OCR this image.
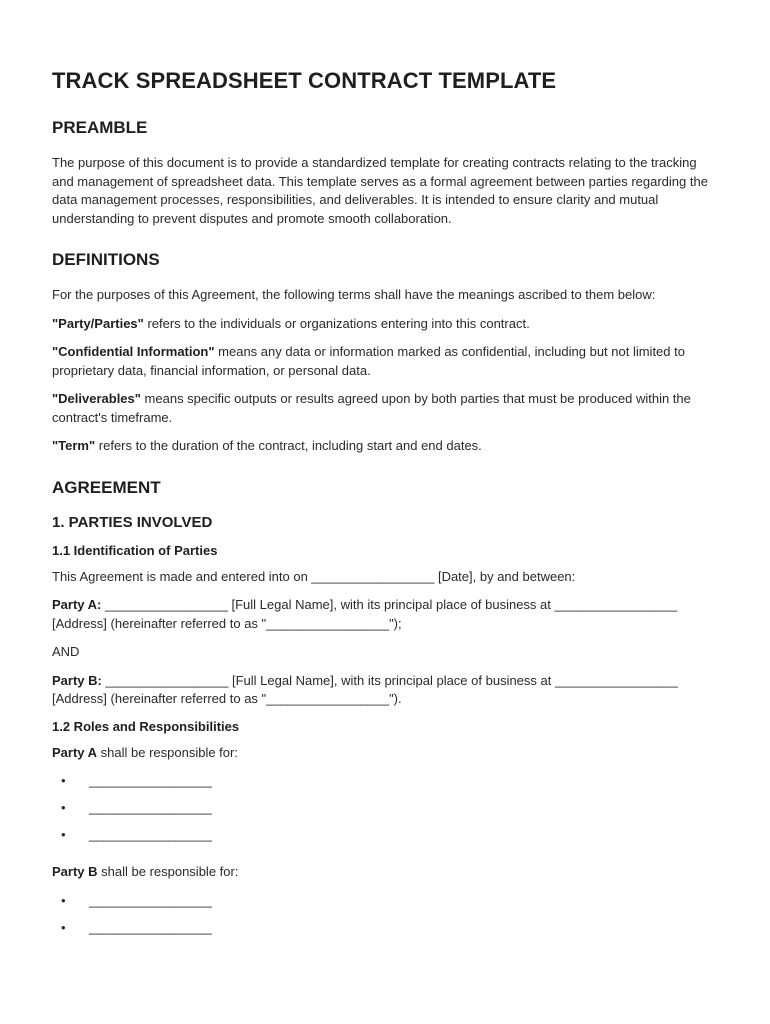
TRACK SPREADSHEET CONTRACT TEMPLATE
PREAMBLE

The purpose of this document is to provide a standardized template for creating contracts relating to the tracking and management of spreadsheet data. This template serves as a formal agreement between parties regarding the data management processes, responsibilities, and deliverables. It is intended to ensure clarity and mutual understanding to prevent disputes and promote smooth collaboration.

DEFINITIONS

For the purposes of this Agreement, the following terms shall have the meanings ascribed to them below:

"Party/Parties" refers to the individuals or organizations entering into this contract.

"Confidential Information" means any data or information marked as confidential, including but not limited to proprietary data, financial information, or personal data.

"Deliverables" means specific outputs or results agreed upon by both parties that must be produced within the contract's timeframe.

"Term" refers to the duration of the contract, including start and end dates.

AGREEMENT
1. PARTIES INVOLVED
1.1 Identification of Parties

This Agreement is made and entered into on _________________ [Date], by and between:

Party A: _________________ [Full Legal Name], with its principal place of business at _________________ [Address] (hereinafter referred to as "_________________");

AND

Party B: _________________ [Full Legal Name], with its principal place of business at _________________ [Address] (hereinafter referred to as "_________________").

1.2 Roles and Responsibilities

Party A shall be responsible for:

• _________________
• _________________
• _________________

Party B shall be responsible for:

• _________________
• _________________
